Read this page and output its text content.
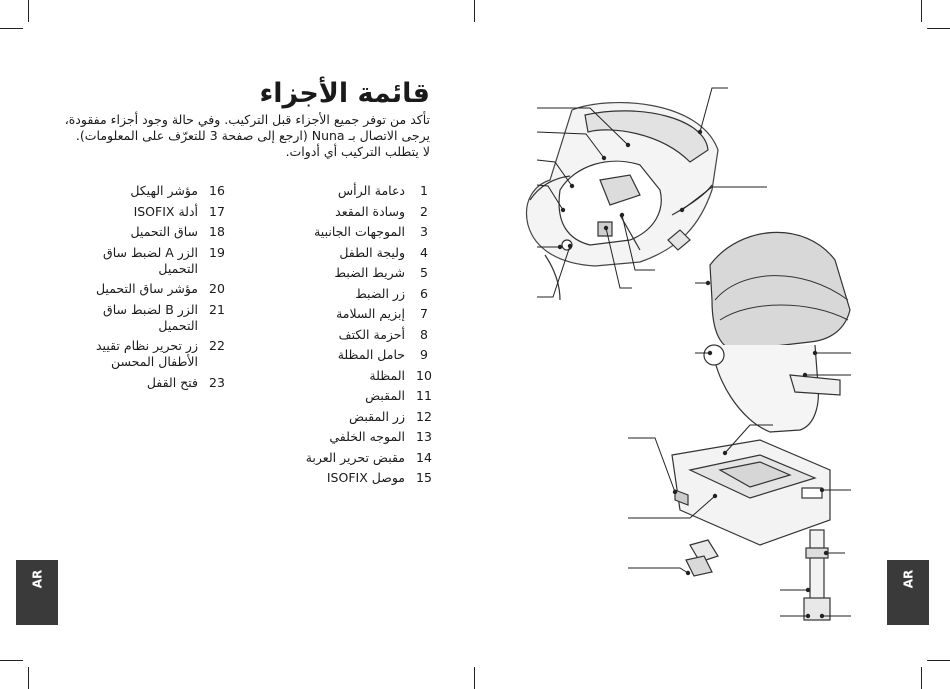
قائمة الأجزاء

تأكد من توفر جميع الأجزاء قبل التركيب. وفي حالة وجود أجزاء مفقودة،

يرجى الاتصال بـ Nuna (ارجع إلى صفحة 3 للتعرّف على المعلومات).

لا يتطلب التركيب أي أدوات.

1
دعامة الرأس
2
وسادة المقعد
3
الموجهات الجانبية
4
وليجة الطفل
5
شريط الضبط
6
زر الضبط
7
إبزيم السلامة
8
أحزمة الكتف
9
حامل المظلة
10
المظلة
11
المقبض
12
زر المقبض
13
الموجه الخلفي
14
مقبض تحرير العربة
15
موصل ISOFIX
16
مؤشر الهيكل
17
أدلة ISOFIX
18
ساق التحميل
19
الزر A لضبط ساق التحميل
20
مؤشر ساق التحميل
21
الزر B لضبط ساق التحميل
22
زر تحرير نظام تقييد الأطفال المحسن
23
فتح القفل
AR	AR
